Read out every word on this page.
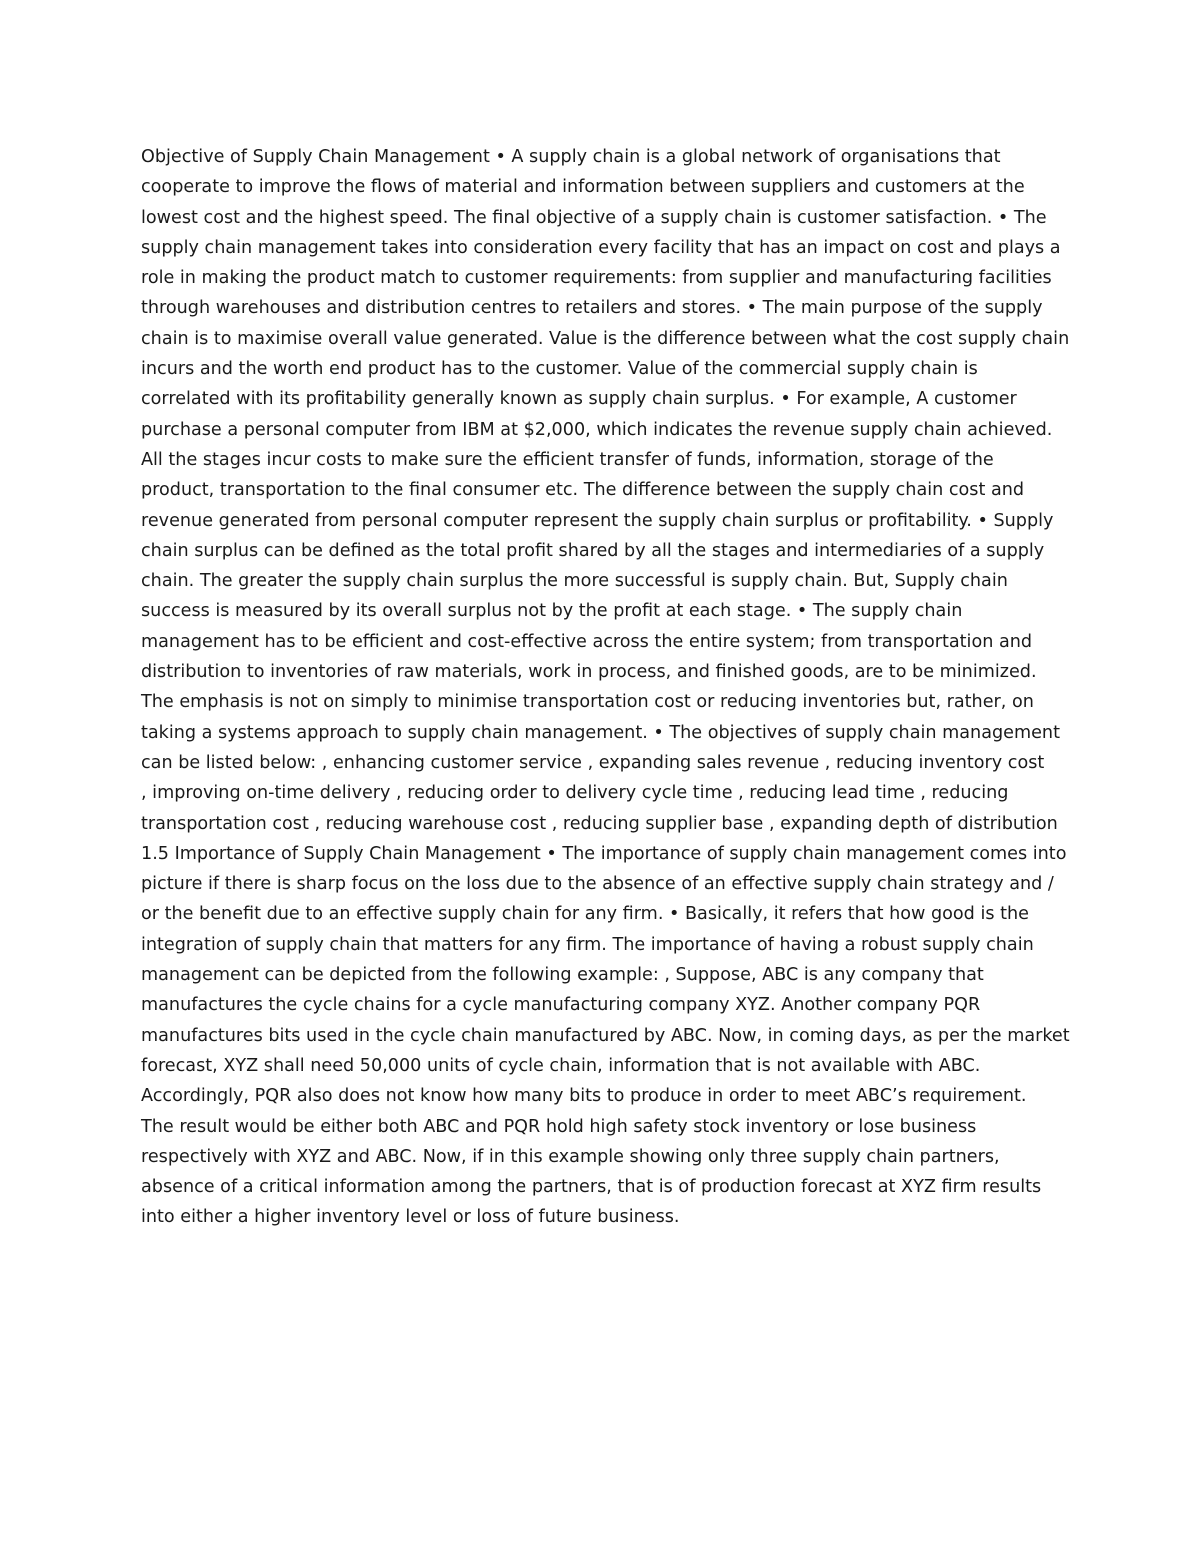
Objective of Supply Chain Management • A supply chain is a global network of organisations that
cooperate to improve the flows of material and information between suppliers and customers at the
lowest cost and the highest speed. The final objective of a supply chain is customer satisfaction. • The
supply chain management takes into consideration every facility that has an impact on cost and plays a
role in making the product match to customer requirements: from supplier and manufacturing facilities
through warehouses and distribution centres to retailers and stores. • The main purpose of the supply
chain is to maximise overall value generated. Value is the difference between what the cost supply chain
incurs and the worth end product has to the customer. Value of the commercial supply chain is
correlated with its profitability generally known as supply chain surplus. • For example, A customer
purchase a personal computer from IBM at $2,000, which indicates the revenue supply chain achieved.
All the stages incur costs to make sure the efficient transfer of funds, information, storage of the
product, transportation to the final consumer etc. The difference between the supply chain cost and
revenue generated from personal computer represent the supply chain surplus or profitability. • Supply
chain surplus can be defined as the total profit shared by all the stages and intermediaries of a supply
chain. The greater the supply chain surplus the more successful is supply chain. But, Supply chain
success is measured by its overall surplus not by the profit at each stage. • The supply chain
management has to be efficient and cost-effective across the entire system; from transportation and
distribution to inventories of raw materials, work in process, and finished goods, are to be minimized.
The emphasis is not on simply to minimise transportation cost or reducing inventories but, rather, on
taking a systems approach to supply chain management. • The objectives of supply chain management
can be listed below: , enhancing customer service , expanding sales revenue , reducing inventory cost
, improving on-time delivery , reducing order to delivery cycle time , reducing lead time , reducing
transportation cost , reducing warehouse cost , reducing supplier base , expanding depth of distribution
1.5 Importance of Supply Chain Management • The importance of supply chain management comes into
picture if there is sharp focus on the loss due to the absence of an effective supply chain strategy and /
or the benefit due to an effective supply chain for any firm. • Basically, it refers that how good is the
integration of supply chain that matters for any firm. The importance of having a robust supply chain
management can be depicted from the following example: , Suppose, ABC is any company that
manufactures the cycle chains for a cycle manufacturing company XYZ. Another company PQR
manufactures bits used in the cycle chain manufactured by ABC. Now, in coming days, as per the market
forecast, XYZ shall need 50,000 units of cycle chain, information that is not available with ABC.
Accordingly, PQR also does not know how many bits to produce in order to meet ABC’s requirement.
The result would be either both ABC and PQR hold high safety stock inventory or lose business
respectively with XYZ and ABC. Now, if in this example showing only three supply chain partners,
absence of a critical information among the partners, that is of production forecast at XYZ firm results
into either a higher inventory level or loss of future business.
